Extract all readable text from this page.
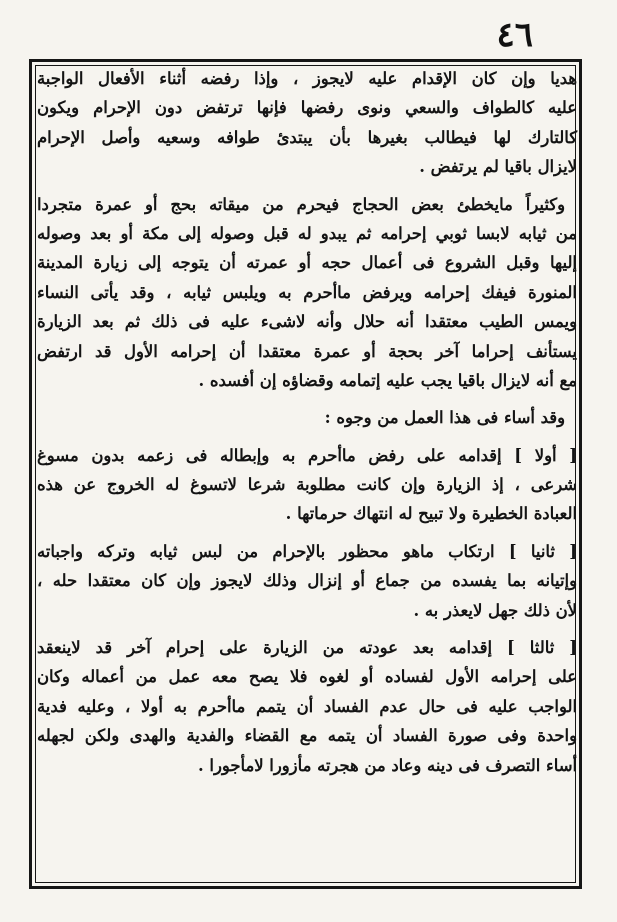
٤٦
هديا وإن كان الإقدام عليه لايجوز ، وإذا رفضه أثناء الأفعال الواجبة
عليه كالطواف والسعي ونوى رفضها فإنها ترتفض دون الإحرام ويكون
كالتارك لها فيطالب بغيرها بأن يبتدئ طوافه وسعيه وأصل الإحرام
لايزال باقيا لم يرتفض .
وكثيراً مايخطئ بعض الحجاج فيحرم من ميقاته بحج أو عمرة متجردا
من ثيابه لابسا ثوبي إحرامه ثم يبدو له قبل وصوله إلى مكة أو بعد وصوله
إليها وقبل الشروع فى أعمال حجه أو عمرته أن يتوجه إلى زيارة المدينة
المنورة فيفك إحرامه ويرفض ماأحرم به ويلبس ثيابه ، وقد يأتى النساء
ويمس الطيب معتقدا أنه حلال وأنه لاشىء عليه فى ذلك ثم بعد الزيارة
يستأنف إحراما آخر بحجة أو عمرة معتقدا أن إحرامه الأول قد ارتفض
مع أنه لايزال باقيا يجب عليه إتمامه وقضاؤه إن أفسده .
وقد أساء فى هذا العمل من وجوه :
[ أولا ] إقدامه على رفض ماأحرم به وإبطاله فى زعمه بدون مسوغ
شرعى ، إذ الزيارة وإن كانت مطلوبة شرعا لاتسوغ له الخروج عن هذه
العبادة الخطيرة ولا تبيح له انتهاك حرماتها .
[ ثانيا ] ارتكاب ماهو محظور بالإحرام من لبس ثيابه وتركه واجباته
وإتيانه بما يفسده من جماع أو إنزال وذلك لايجوز وإن كان معتقدا حله ،
لأن ذلك جهل لايعذر به .
[ ثالثا ] إقدامه بعد عودته من الزيارة على إحرام آخر قد لاينعقد
على إحرامه الأول لفساده أو لغوه فلا يصح معه عمل من أعماله وكان
الواجب عليه فى حال عدم الفساد أن يتمم ماأحرم به أولا ، وعليه فدية
واحدة وفى صورة الفساد أن يتمه مع القضاء والفدية والهدى ولكن لجهله
أساء التصرف فى دينه وعاد من هجرته مأزورا لامأجورا .
